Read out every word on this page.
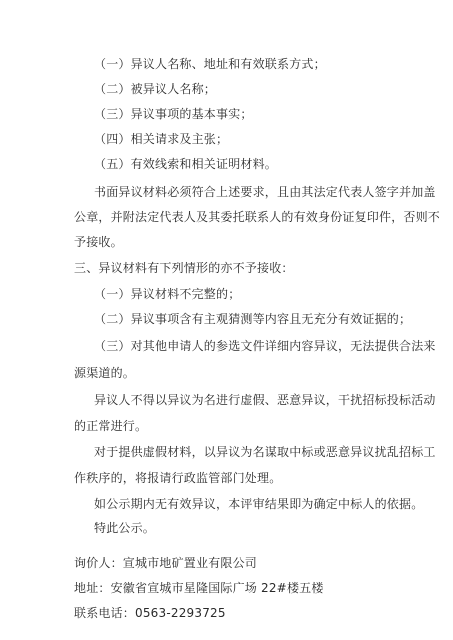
（一）异议人名称、地址和有效联系方式；
（二）被异议人名称；
（三）异议事项的基本事实；
（四）相关请求及主张；
（五）有效线索和相关证明材料。
书面异议材料必须符合上述要求，且由其法定代表人签字并加盖
公章，并附法定代表人及其委托联系人的有效身份证复印件，否则不
予接收。
三、异议材料有下列情形的亦不予接收：
（一）异议材料不完整的；
（二）异议事项含有主观猜测等内容且无充分有效证据的；
（三）对其他申请人的参选文件详细内容异议，无法提供合法来
源渠道的。
异议人不得以异议为名进行虚假、恶意异议，干扰招标投标活动
的正常进行。
对于提供虚假材料，以异议为名谋取中标或恶意异议扰乱招标工
作秩序的，将报请行政监管部门处理。
如公示期内无有效异议，本评审结果即为确定中标人的依据。
特此公示。
询价人：宣城市地矿置业有限公司
地址：安徽省宣城市星隆国际广场 22#楼五楼
联系电话：0563-2293725
